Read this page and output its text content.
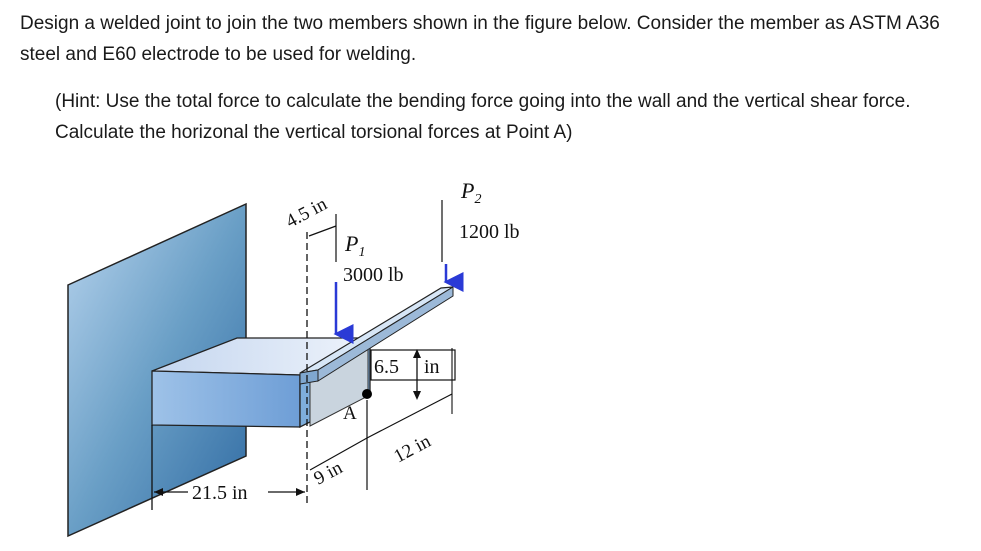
Design a welded joint to join the two members shown in the figure below. Consider the member as ASTM A36 steel and E60 electrode to be used for welding.
(Hint: Use the total force to calculate the bending force going into the wall and the vertical shear force. Calculate the horizonal the vertical torsional forces at Point A)
A
4.5 in
$P_1$
3000 lb
$P_2$
1200 lb
6.5 in
9 in
12 in
21.5 in
